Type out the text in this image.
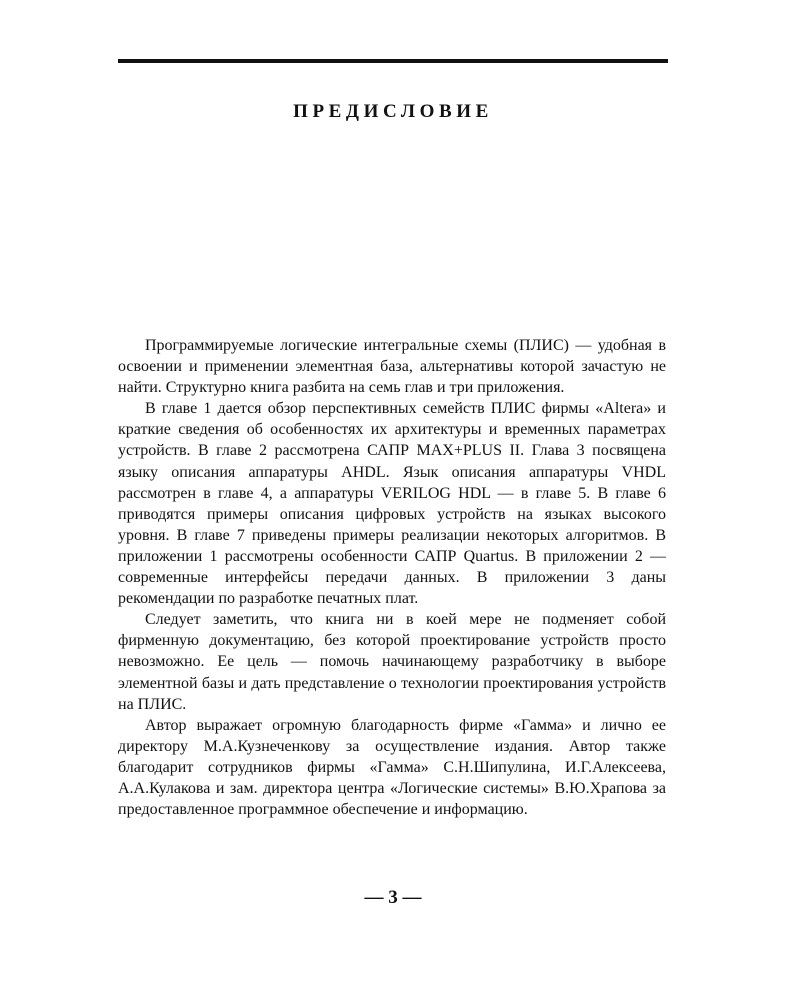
ПРЕДИСЛОВИЕ

Программируемые логические интегральные схемы (ПЛИС) — удобная в освоении и применении элементная база, альтернативы которой зачастую не найти. Структурно книга разбита на семь глав и три приложения.

В главе 1 дается обзор перспективных семейств ПЛИС фирмы «Altera» и краткие сведения об особенностях их архитектуры и временных параметрах устройств. В главе 2 рассмотрена САПР MAX+PLUS II. Глава 3 посвящена языку описания аппаратуры AHDL. Язык описания аппаратуры VHDL рассмотрен в главе 4, а аппаратуры VERILOG HDL — в главе 5. В главе 6 приводятся примеры описания цифровых устройств на языках высокого уровня. В главе 7 приведены примеры реализации некоторых алгоритмов. В приложении 1 рассмотрены особенности САПР Quartus. В приложении 2 — современные интерфейсы передачи данных. В приложении 3 даны рекомендации по разработке печатных плат.

Следует заметить, что книга ни в коей мере не подменяет собой фирменную документацию, без которой проектирование устройств просто невозможно. Ее цель — помочь начинающему разработчику в выборе элементной базы и дать представление о технологии проектирования устройств на ПЛИС.

Автор выражает огромную благодарность фирме «Гамма» и лично ее директору М.А.Кузнеченкову за осуществление издания. Автор также благодарит сотрудников фирмы «Гамма» С.Н.Шипулина, И.Г.Алексеева, А.А.Кулакова и зам. директора центра «Логические системы» В.Ю.Храпова за предоставленное программное обеспечение и информацию.

— 3 —
